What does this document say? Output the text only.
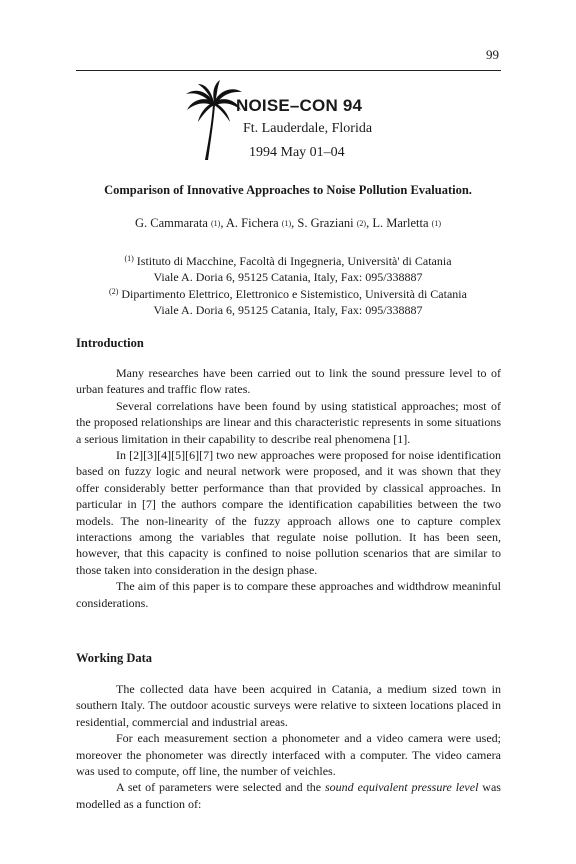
99
NOISE–CON 94
Ft. Lauderdale, Florida
1994 May 01–04
Comparison of Innovative Approaches to Noise Pollution Evaluation.
G. Cammarata (1), A. Fichera (1), S. Graziani (2), L. Marletta (1)
$^{(1)}$ Istituto di Macchine, Facoltà di Ingegneria, Università' di Catania
Viale A. Doria 6, 95125 Catania, Italy, Fax: 095/338887
$^{(2)}$ Dipartimento Elettrico, Elettronico e Sistemistico, Università di Catania
Viale A. Doria 6, 95125 Catania, Italy, Fax: 095/338887
Introduction

Many researches have been carried out to link the sound pressure level to of urban features and traffic flow rates.

Several correlations have been found by using statistical approaches; most of the proposed relationships are linear and this characteristic represents in some situations a serious limitation in their capability to describe real phenomena [1].

In [2][3][4][5][6][7] two new approaches were proposed for noise identification based on fuzzy logic and neural network were proposed, and it was shown that they offer considerably better performance than that provided by classical approaches. In particular in [7] the authors compare the identification capabilities between the two models. The non-linearity of the fuzzy approach allows one to capture complex interactions among the variables that regulate noise pollution. It has been seen, however, that this capacity is confined to noise pollution scenarios that are similar to those taken into consideration in the design phase.

The aim of this paper is to compare these approaches and widthdrow meaninful considerations.

Working Data

The collected data have been acquired in Catania, a medium sized town in southern Italy. The outdoor acoustic surveys were relative to sixteen locations placed in residential, commercial and industrial areas.

For each measurement section a phonometer and a video camera were used; moreover the phonometer was directly interfaced with a computer. The video camera was used to compute, off line, the number of veichles.

A set of parameters were selected and the sound equivalent pressure level was modelled as a function of:
